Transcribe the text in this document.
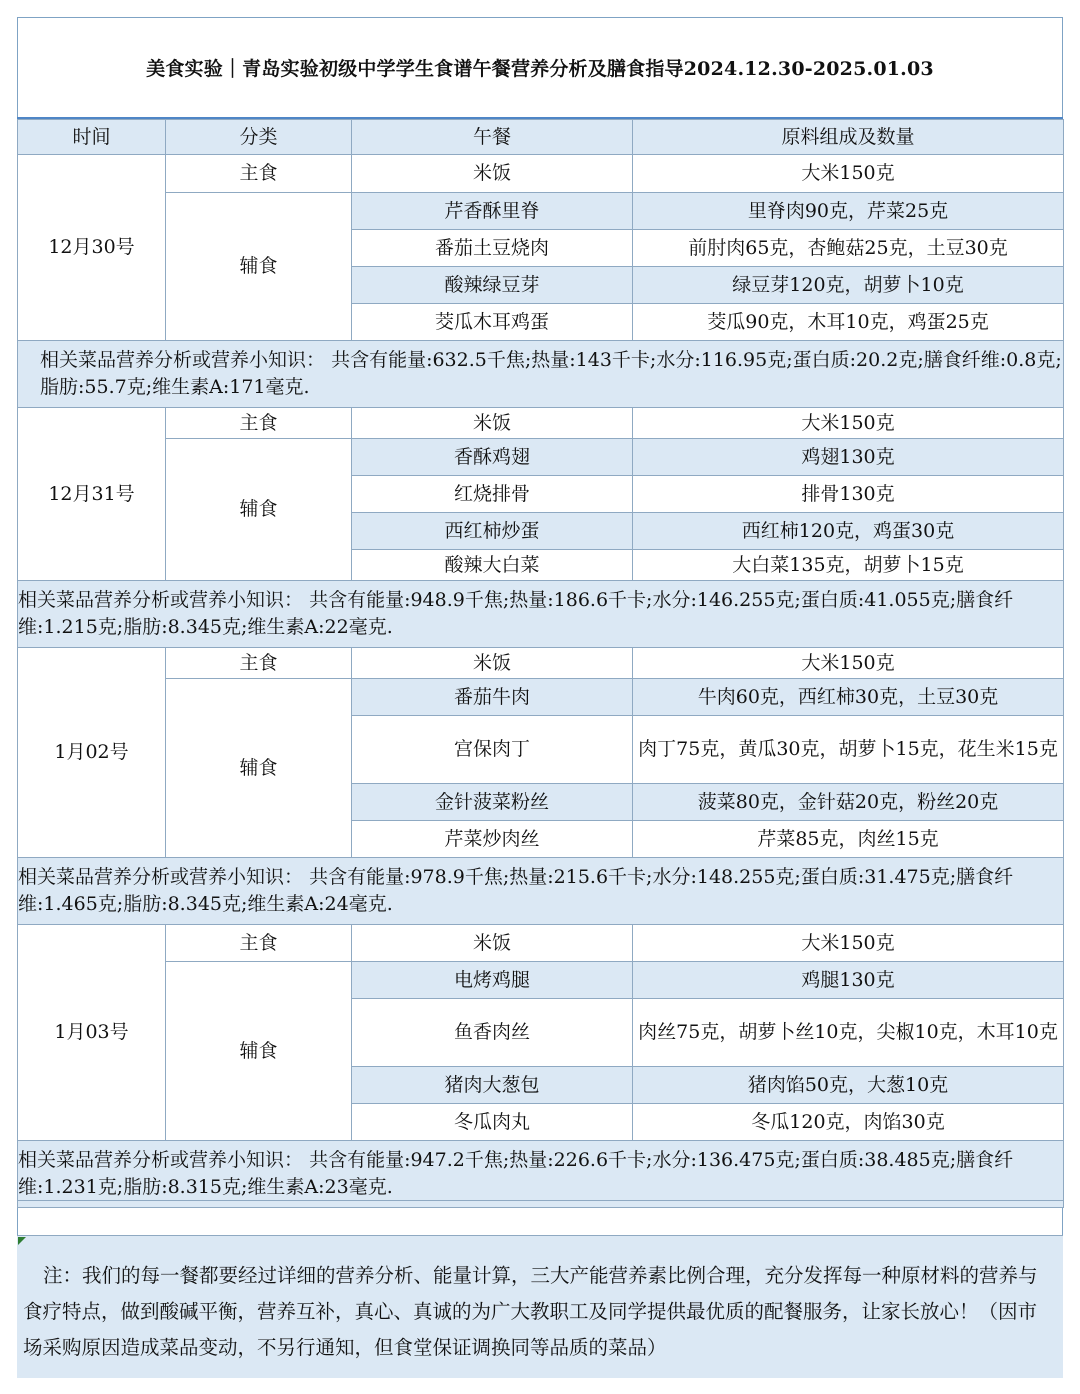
美食实验｜青岛实验初级中学学生食谱午餐营养分析及膳食指导2024.12.30-2025.01.03
时间	分类	午餐	原料组成及数量
12月30号	主食	米饭	大米150克
	辅食	芹香酥里脊	里脊肉90克，芹菜25克
		番茄土豆烧肉	前肘肉65克，杏鲍菇25克，土豆30克
		酸辣绿豆芽	绿豆芽120克，胡萝卜10克
		茭瓜木耳鸡蛋	茭瓜90克，木耳10克，鸡蛋25克

相关菜品营养分析或营养小知识： 共含有能量:632.5千焦;热量:143千卡;水分:116.95克;蛋白质:20.2克;膳食纤维:0.8克;脂肪:55.7克;维生素A:171毫克.			

12月31号	主食	米饭	大米150克
	辅食	香酥鸡翅	鸡翅130克
		红烧排骨	排骨130克
		西红柿炒蛋	西红柿120克，鸡蛋30克
		酸辣大白菜	大白菜135克，胡萝卜15克

相关菜品营养分析或营养小知识： 共含有能量:948.9千焦;热量:186.6千卡;水分:146.255克;蛋白质:41.055克;膳食纤维:1.215克;脂肪:8.345克;维生素A:22毫克.			

1月02号	主食	米饭	大米150克
	辅食	番茄牛肉	牛肉60克，西红柿30克，土豆30克
		宫保肉丁	肉丁75克，黄瓜30克，胡萝卜15克，花生米15克
		金针菠菜粉丝	菠菜80克，金针菇20克，粉丝20克
		芹菜炒肉丝	芹菜85克，肉丝15克

相关菜品营养分析或营养小知识： 共含有能量:978.9千焦;热量:215.6千卡;水分:148.255克;蛋白质:31.475克;膳食纤维:1.465克;脂肪:8.345克;维生素A:24毫克.			

1月03号	主食	米饭	大米150克
	辅食	电烤鸡腿	鸡腿130克
		鱼香肉丝	肉丝75克，胡萝卜丝10克，尖椒10克，木耳10克
		猪肉大葱包	猪肉馅50克，大葱10克
		冬瓜肉丸	冬瓜120克，肉馅30克

相关菜品营养分析或营养小知识： 共含有能量:947.2千焦;热量:226.6千卡;水分:136.475克;蛋白质:38.485克;膳食纤维:1.231克;脂肪:8.315克;维生素A:23毫克.			
注：我们的每一餐都要经过详细的营养分析、能量计算，三大产能营养素比例合理，充分发挥每一种原材料的营养与食疗特点，做到酸碱平衡，营养互补，真心、真诚的为广大教职工及同学提供最优质的配餐服务，让家长放心！（因市场采购原因造成菜品变动，不另行通知，但食堂保证调换同等品质的菜品）
